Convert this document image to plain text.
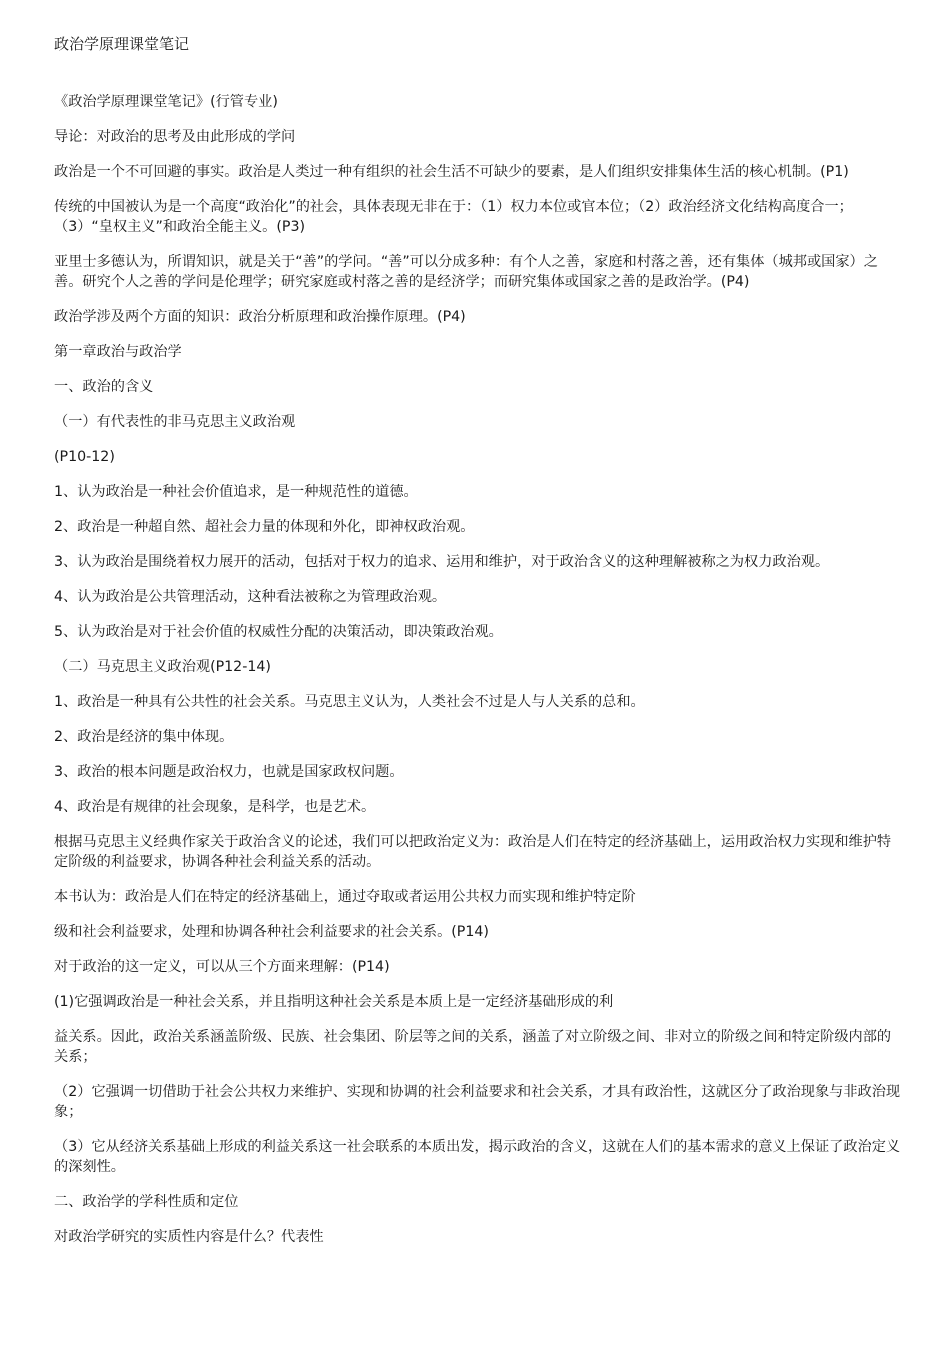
政治学原理课堂笔记

《政治学原理课堂笔记》(行管专业)

导论：对政治的思考及由此形成的学问

政治是一个不可回避的事实。政治是人类过一种有组织的社会生活不可缺少的要素，是人们组织安排集体生活的核心机制。(P1)

传统的中国被认为是一个高度“政治化”的社会，具体表现无非在于：（1）权力本位或官本位；（2）政治经济文化结构高度合一；（3）“皇权主义”和政治全能主义。(P3)

亚里士多德认为，所谓知识，就是关于“善”的学问。“善”可以分成多种：有个人之善，家庭和村落之善，还有集体（城邦或国家）之善。研究个人之善的学问是伦理学；研究家庭或村落之善的是经济学；而研究集体或国家之善的是政治学。(P4)

政治学涉及两个方面的知识：政治分析原理和政治操作原理。(P4)

第一章政治与政治学

一、政治的含义

（一）有代表性的非马克思主义政治观

(P10-12)

1、认为政治是一种社会价值追求，是一种规范性的道德。

2、政治是一种超自然、超社会力量的体现和外化，即神权政治观。

3、认为政治是围绕着权力展开的活动，包括对于权力的追求、运用和维护，对于政治含义的这种理解被称之为权力政治观。

4、认为政治是公共管理活动，这种看法被称之为管理政治观。

5、认为政治是对于社会价值的权威性分配的决策活动，即决策政治观。

（二）马克思主义政治观(P12-14)

1、政治是一种具有公共性的社会关系。马克思主义认为，人类社会不过是人与人关系的总和。

2、政治是经济的集中体现。

3、政治的根本问题是政治权力，也就是国家政权问题。

4、政治是有规律的社会现象，是科学，也是艺术。

根据马克思主义经典作家关于政治含义的论述，我们可以把政治定义为：政治是人们在特定的经济基础上，运用政治权力实现和维护特定阶级的利益要求，协调各种社会利益关系的活动。

本书认为：政治是人们在特定的经济基础上，通过夺取或者运用公共权力而实现和维护特定阶

级和社会利益要求，处理和协调各种社会利益要求的社会关系。(P14)

对于政治的这一定义，可以从三个方面来理解：(P14)

(1)它强调政治是一种社会关系，并且指明这种社会关系是本质上是一定经济基础形成的利

益关系。因此，政治关系涵盖阶级、民族、社会集团、阶层等之间的关系，涵盖了对立阶级之间、非对立的阶级之间和特定阶级内部的关系；

（2）它强调一切借助于社会公共权力来维护、实现和协调的社会利益要求和社会关系，才具有政治性，这就区分了政治现象与非政治现象；

（3）它从经济关系基础上形成的利益关系这一社会联系的本质出发，揭示政治的含义，这就在人们的基本需求的意义上保证了政治定义的深刻性。

二、政治学的学科性质和定位

对政治学研究的实质性内容是什么？代表性
